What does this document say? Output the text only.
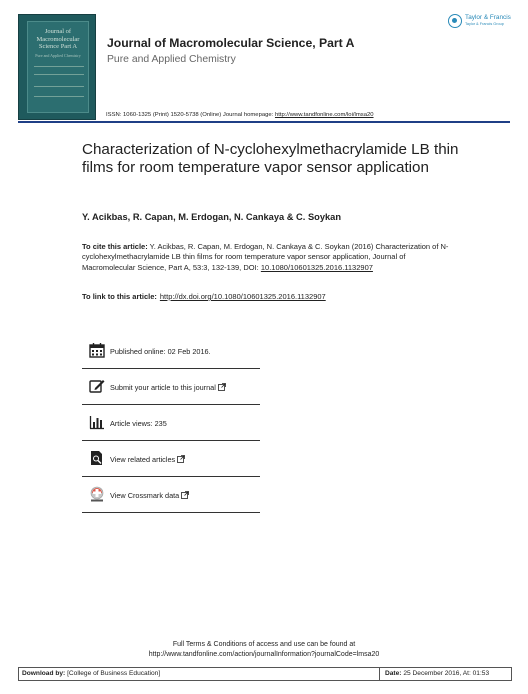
Journal of
Macromolecular
Science Part A
Pure and Applied Chemistry
Journal of Macromolecular Science, Part A
Pure and Applied Chemistry
Taylor & Francis
Taylor & Francis Group
ISSN: 1060-1325 (Print) 1520-5738 (Online) Journal homepage: http://www.tandfonline.com/loi/lmsa20
Characterization of N-cyclohexylmethacrylamide LB thin films for room temperature vapor sensor application
Y. Acikbas, R. Capan, M. Erdogan, N. Cankaya & C. Soykan
To cite this article: Y. Acikbas, R. Capan, M. Erdogan, N. Cankaya & C. Soykan (2016) Characterization of N-cyclohexylmethacrylamide LB thin films for room temperature vapor sensor application, Journal of Macromolecular Science, Part A, 53:3, 132-139, DOI: 10.1080/10601325.2016.1132907
To link to this article: http://dx.doi.org/10.1080/10601325.2016.1132907
Published online: 02 Feb 2016.
Submit your article to this journal
Article views: 235
View related articles
View Crossmark data
Full Terms & Conditions of access and use can be found at
http://www.tandfonline.com/action/journalInformation?journalCode=lmsa20
Download by: [College of Business Education]	Date: 25 December 2016, At: 01:53
